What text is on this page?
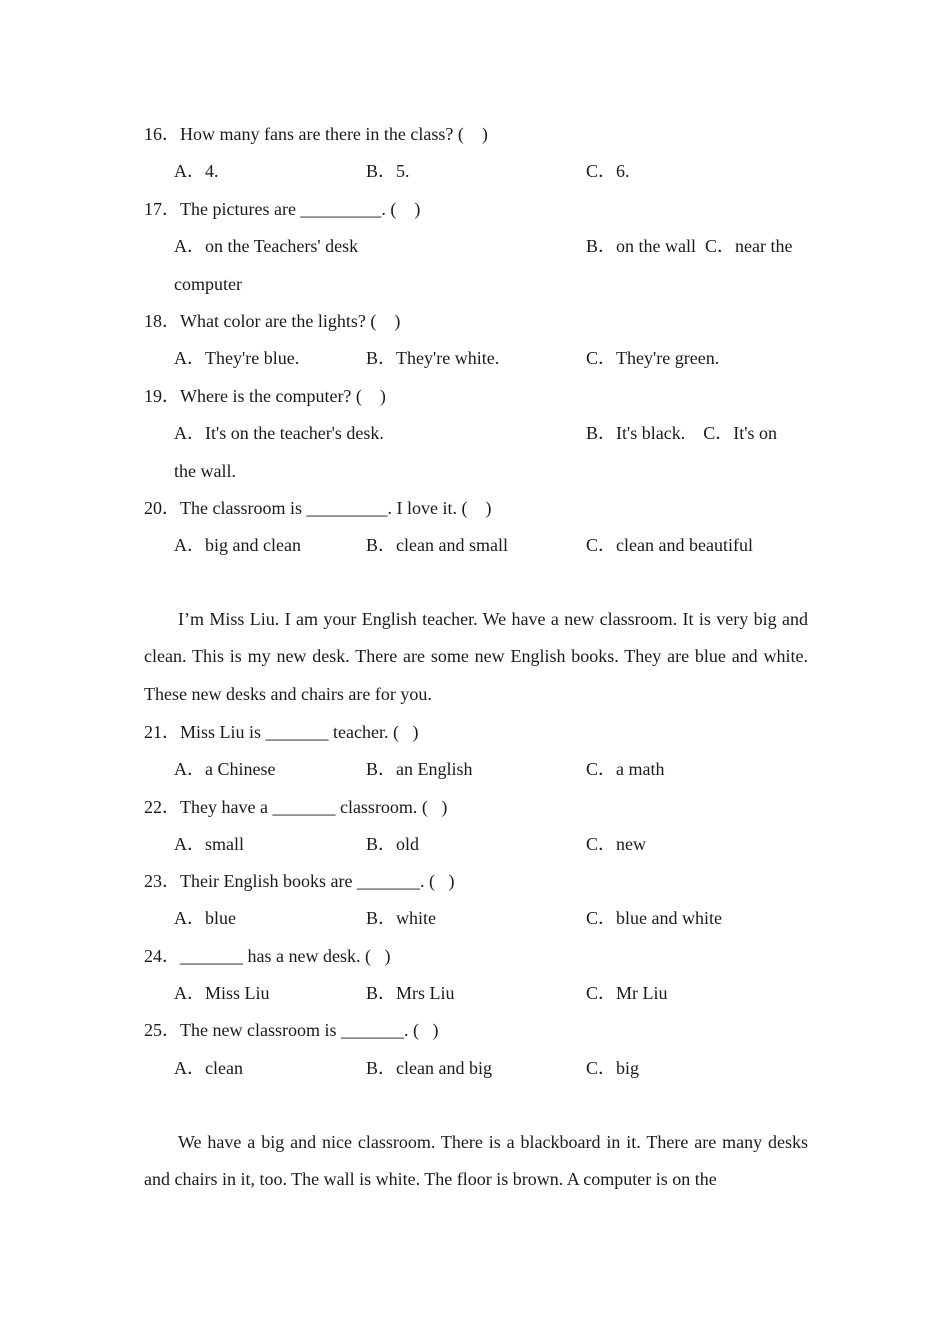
16．How many fans are there in the class? (    )
A．4.	B．5.	C．6.
17．The pictures are _________. (    )
A．on the Teachers' desk	B．on the wall  C．near the
computer
18．What color are the lights? (    )
A．They're blue.	B．They're white.	C．They're green.
19．Where is the computer? (    )
A．It's on the teacher's desk.	B．It's black.    C．It's on
the wall.
20．The classroom is _________. I love it. (    )
A．big and clean	B．clean and small	C．clean and beautiful
I’m Miss Liu. I am your English teacher. We have a new classroom. It is very big and clean. This is my new desk. There are some new English books. They are blue and white. These new desks and chairs are for you.
21．Miss Liu is _______ teacher. (   )
A．a Chinese	B．an English	C．a math
22．They have a _______ classroom. (   )
A．small	B．old	C．new
23．Their English books are _______. (   )
A．blue	B．white	C．blue and white
24．_______ has a new desk. (   )
A．Miss Liu	B．Mrs Liu	C．Mr Liu
25．The new classroom is _______. (   )
A．clean	B．clean and big	C．big
We have a big and nice classroom. There is a blackboard in it. There are many desks and chairs in it, too. The wall is white. The floor is brown. A computer is on the
